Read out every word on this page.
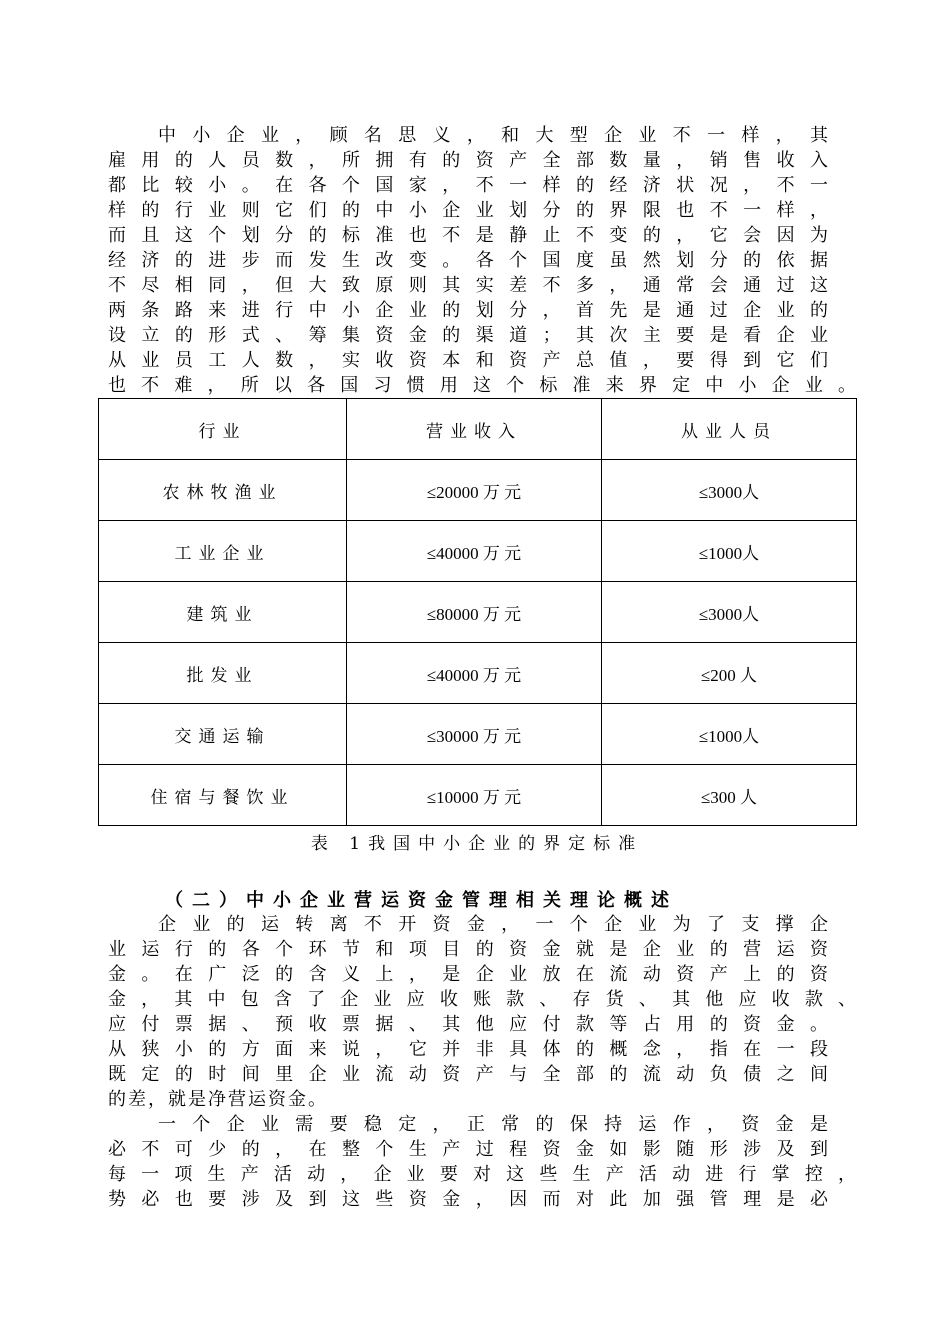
中小企业，顾名思义，和大型企业不一样，其
雇用的人员数，所拥有的资产全部数量，销售收入
都比较小。在各个国家，不一样的经济状况，不一
样的行业则它们的中小企业划分的界限也不一样，
而且这个划分的标准也不是静止不变的，它会因为
经济的进步而发生改变。各个国度虽然划分的依据
不尽相同，但大致原则其实差不多，通常会通过这
两条路来进行中小企业的划分，首先是通过企业的
设立的形式、筹集资金的渠道；其次主要是看企业
从业员工人数，实收资本和资产总值，要得到它们
也不难，所以各国习惯用这个标准来界定中小企业。
行业	营业收入	从业人员
农林牧渔业	≤20000 万 元	≤3000人
工业企业	≤40000 万 元	≤1000人
建筑业	≤80000 万 元	≤3000人
批发业	≤40000 万 元	≤200 人
交通运输	≤30000 万 元	≤1000人
住宿与餐饮业	≤10000 万 元	≤300 人
表 1我国中小企业的界定标准
（二）中小企业营运资金管理相关理论概述
企业的运转离不开资金，一个企业为了支撑企
业运行的各个环节和项目的资金就是企业的营运资
金。在广泛的含义上，是企业放在流动资产上的资
金，其中包含了企业应收账款、存货、其他应收款、
应付票据、预收票据、其他应付款等占用的资金。
从狭小的方面来说，它并非具体的概念，指在一段
既定的时间里企业流动资产与全部的流动负债之间
的差，就是净营运资金。
一个企业需要稳定，正常的保持运作，资金是
必不可少的，在整个生产过程资金如影随形涉及到
每一项生产活动，企业要对这些生产活动进行掌控，
势必也要涉及到这些资金，因而对此加强管理是必
